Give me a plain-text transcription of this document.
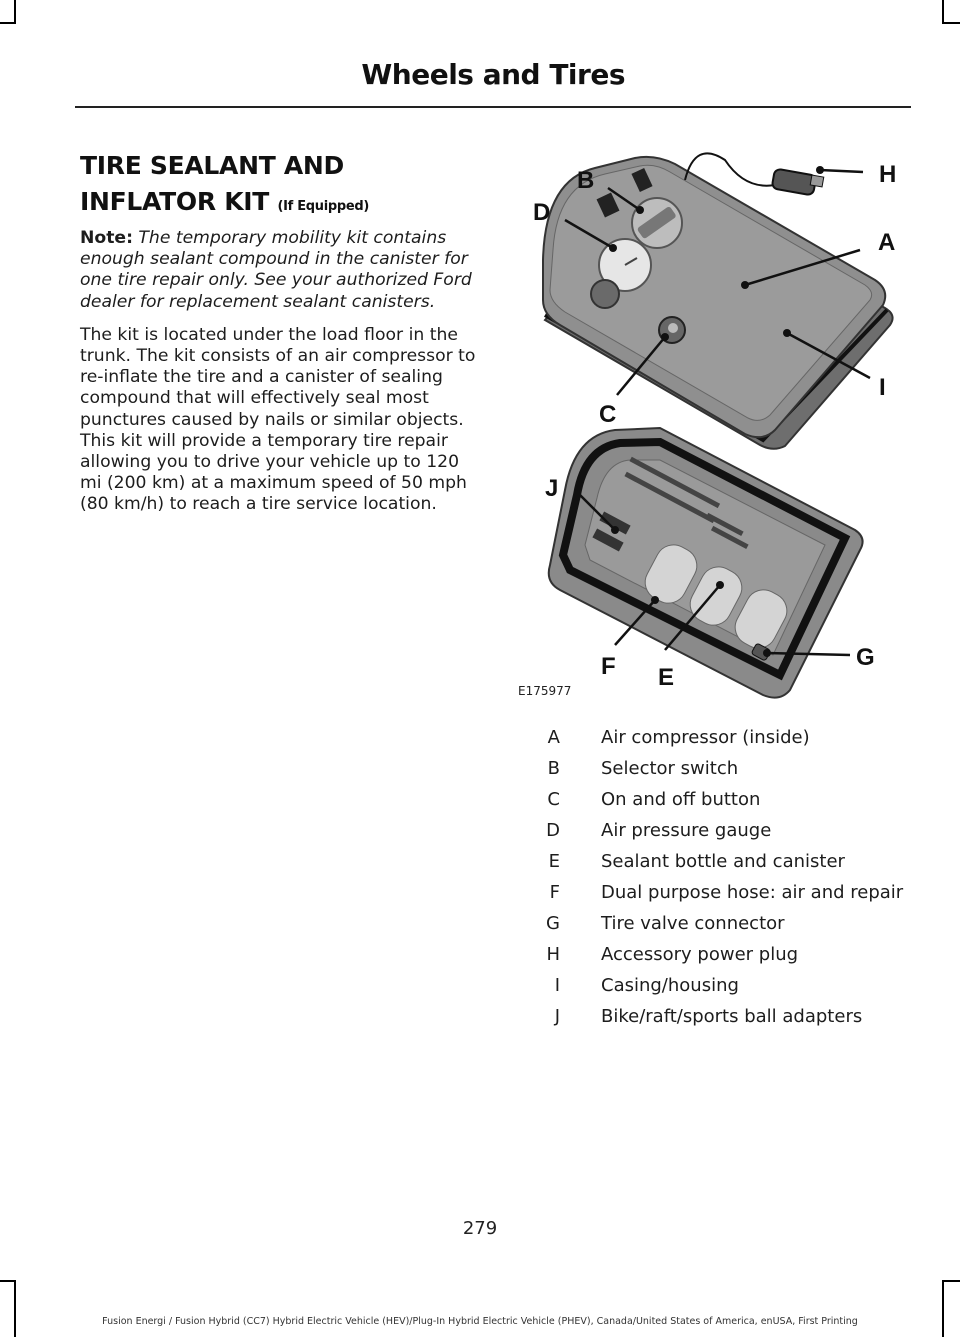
Wheels and Tires
TIRE SEALANT AND INFLATOR KIT (If Equipped)

Note: The temporary mobility kit contains enough sealant compound in the canister for one tire repair only. See your authorized Ford dealer for replacement sealant canisters.

The kit is located under the load floor in the trunk. The kit consists of an air compressor to re-inflate the tire and a canister of sealing compound that will effectively seal most punctures caused by nails or similar objects. This kit will provide a temporary tire repair allowing you to drive your vehicle up to 120 mi (200 km) at a maximum speed of 50 mph (80 km/h) to reach a tire service location.

B
D
H
A
I
C
J
F E
G
E175977
A Air compressor (inside)
B Selector switch
C On and off button
D Air pressure gauge
E Sealant bottle and canister
F Dual purpose hose: air and repair
G Tire valve connector
H Accessory power plug
I Casing/housing
J Bike/raft/sports ball adapters
279
Fusion Energi / Fusion Hybrid (CC7) Hybrid Electric Vehicle (HEV)/Plug-In Hybrid Electric Vehicle (PHEV), Canada/United States of America, enUSA, First Printing
